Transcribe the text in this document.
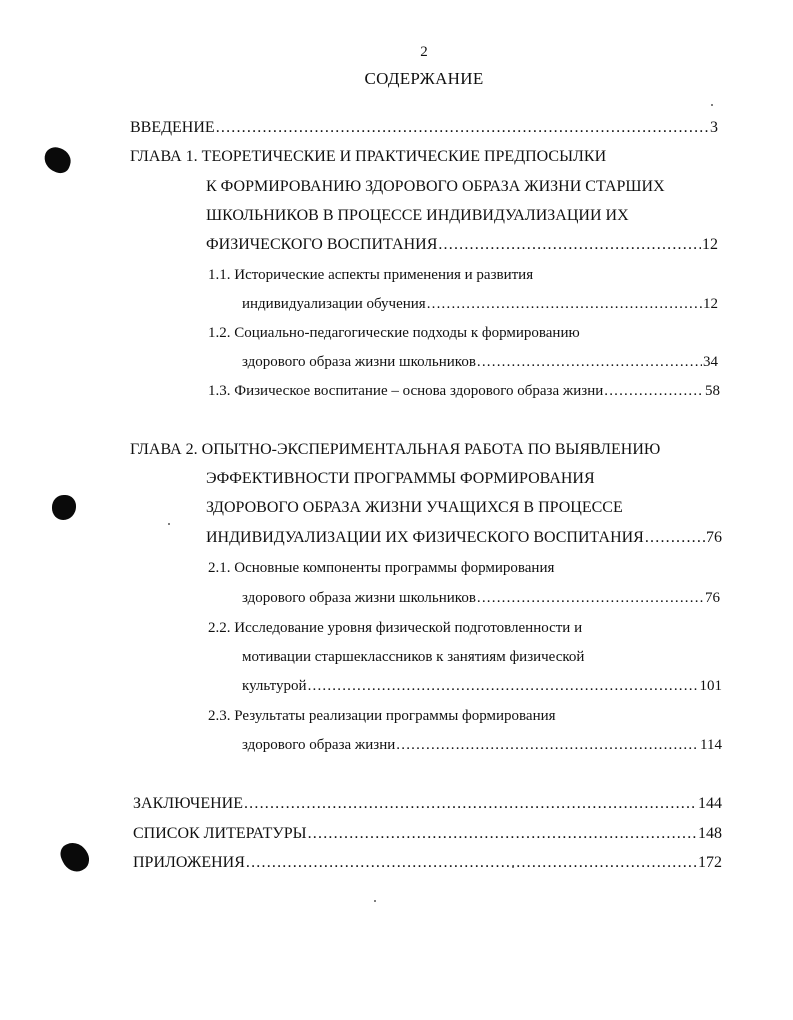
2
СОДЕРЖАНИЕ
ВВЕДЕНИЕ .....	3
ГЛАВА 1. ТЕОРЕТИЧЕСКИЕ И ПРАКТИЧЕСКИЕ ПРЕДПОСЫЛКИ
К ФОРМИРОВАНИЮ ЗДОРОВОГО ОБРАЗА ЖИЗНИ СТАРШИХ
ШКОЛЬНИКОВ В ПРОЦЕССЕ ИНДИВИДУАЛИЗАЦИИ ИХ
ФИЗИЧЕСКОГО ВОСПИТАНИЯ .....	12
1.1. Исторические аспекты применения и развития
индивидуализации обучения .....	12
1.2. Социально-педагогические подходы к формированию
здорового образа жизни школьников .....	34
1.3. Физическое воспитание – основа здорового образа жизни .....	58
ГЛАВА 2. ОПЫТНО-ЭКСПЕРИМЕНТАЛЬНАЯ РАБОТА ПО ВЫЯВЛЕНИЮ
ЭФФЕКТИВНОСТИ ПРОГРАММЫ ФОРМИРОВАНИЯ
ЗДОРОВОГО ОБРАЗА ЖИЗНИ УЧАЩИХСЯ В ПРОЦЕССЕ
ИНДИВИДУАЛИЗАЦИИ ИХ ФИЗИЧЕСКОГО ВОСПИТАНИЯ .....	76
2.1. Основные компоненты программы формирования
здорового образа жизни школьников .....	76
2.2. Исследование уровня физической подготовленности и
мотивации старшеклассников к занятиям физической
культурой .....	101
2.3. Результаты реализации программы формирования
здорового образа жизни .....	114
ЗАКЛЮЧЕНИЕ .....	144
СПИСОК ЛИТЕРАТУРЫ .....	148
ПРИЛОЖЕНИЯ .....	172
